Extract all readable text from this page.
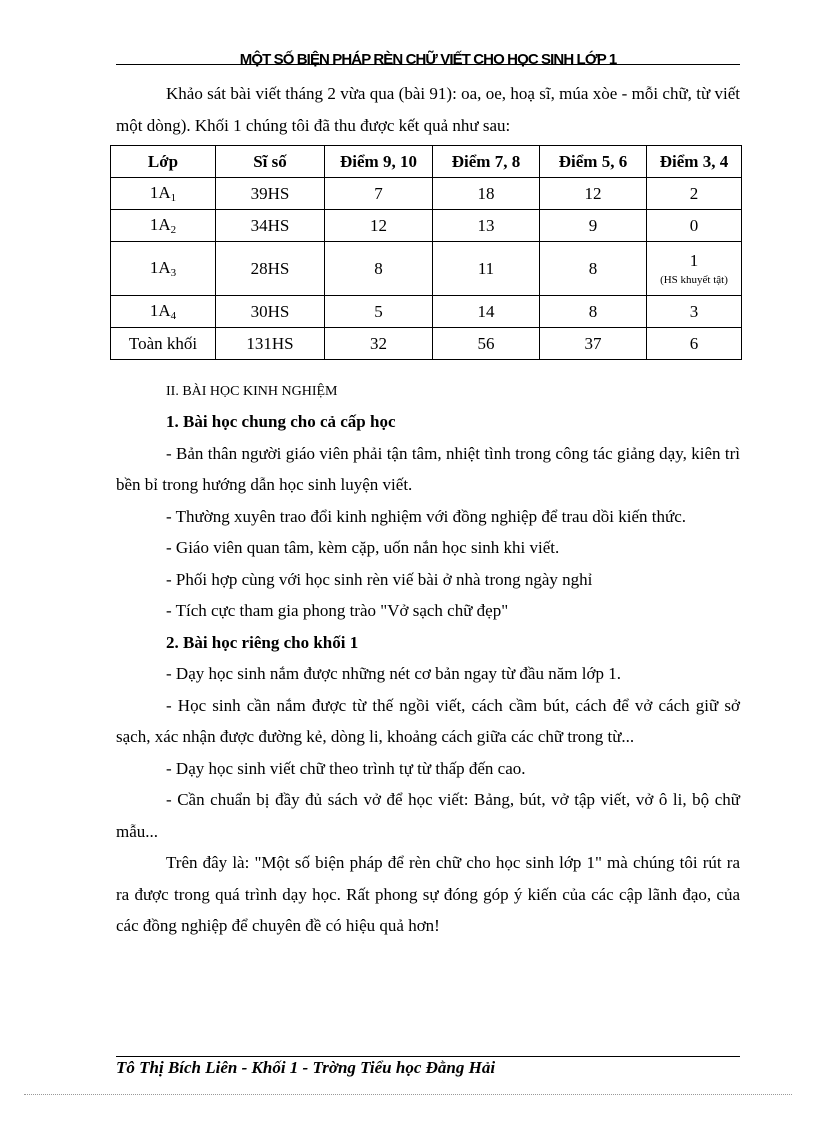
MỘT SỐ BIỆN PHÁP RÈN CHỮ VIẾT CHO HỌC SINH LỚP 1

Khảo sát bài viết tháng 2 vừa qua (bài 91): oa, oe, hoạ sĩ, múa xòe - mỗi chữ, từ viết một dòng). Khối 1 chúng tôi đã thu được kết quả như sau:

Lớp	Sĩ số	Điểm 9, 10	Điểm 7, 8	Điểm 5, 6	Điểm 3, 4
$1A_1$	39HS	7	18	12	2
$1A_2$	34HS	12	13	9	0
$1A_3$	28HS	8	11	8	1
(HS khuyết tật)

$1A_4$	30HS	5	14	8	3
Toàn khối	131HS	32	56	37	6

II. BÀI HỌC KINH NGHIỆM

1. Bài học chung cho cả cấp học

- Bản thân người giáo viên phải tận tâm, nhiệt tình trong công tác giảng dạy, kiên trì bền bỉ trong hướng dẫn học sinh luyện viết.

- Thường xuyên trao đổi kinh nghiệm với đồng nghiệp để trau dồi kiến thức.

- Giáo viên quan tâm, kèm cặp, uốn nắn học sinh khi viết.

- Phối hợp cùng với học sinh rèn viế bài ở nhà trong ngày nghỉ

- Tích cực tham gia phong trào "Vở sạch chữ đẹp"

2. Bài học riêng cho khối 1

- Dạy học sinh nắm được những nét cơ bản ngay từ đầu năm lớp 1.

- Học sinh cần nắm được từ thế ngồi viết, cách cầm bút, cách để vở cách giữ sở sạch, xác nhận được đường kẻ, dòng li, khoảng cách giữa các chữ trong từ...

- Dạy học sinh viết chữ theo trình tự từ thấp đến cao.

- Cần chuẩn bị đầy đủ sách vở để học viết: Bảng, bút, vở tập viết, vở ô li, bộ chữ mẫu...

Trên đây là: "Một số biện pháp để rèn chữ cho học sinh lớp 1" mà chúng tôi rút ra ra được trong quá trình dạy học. Rất phong sự đóng góp ý kiến của các cập lãnh đạo, của các đồng nghiệp để chuyên đề có hiệu quả hơn!

Tô Thị Bích Liên - Khối 1 - Trờng Tiểu học Đằng Hải
